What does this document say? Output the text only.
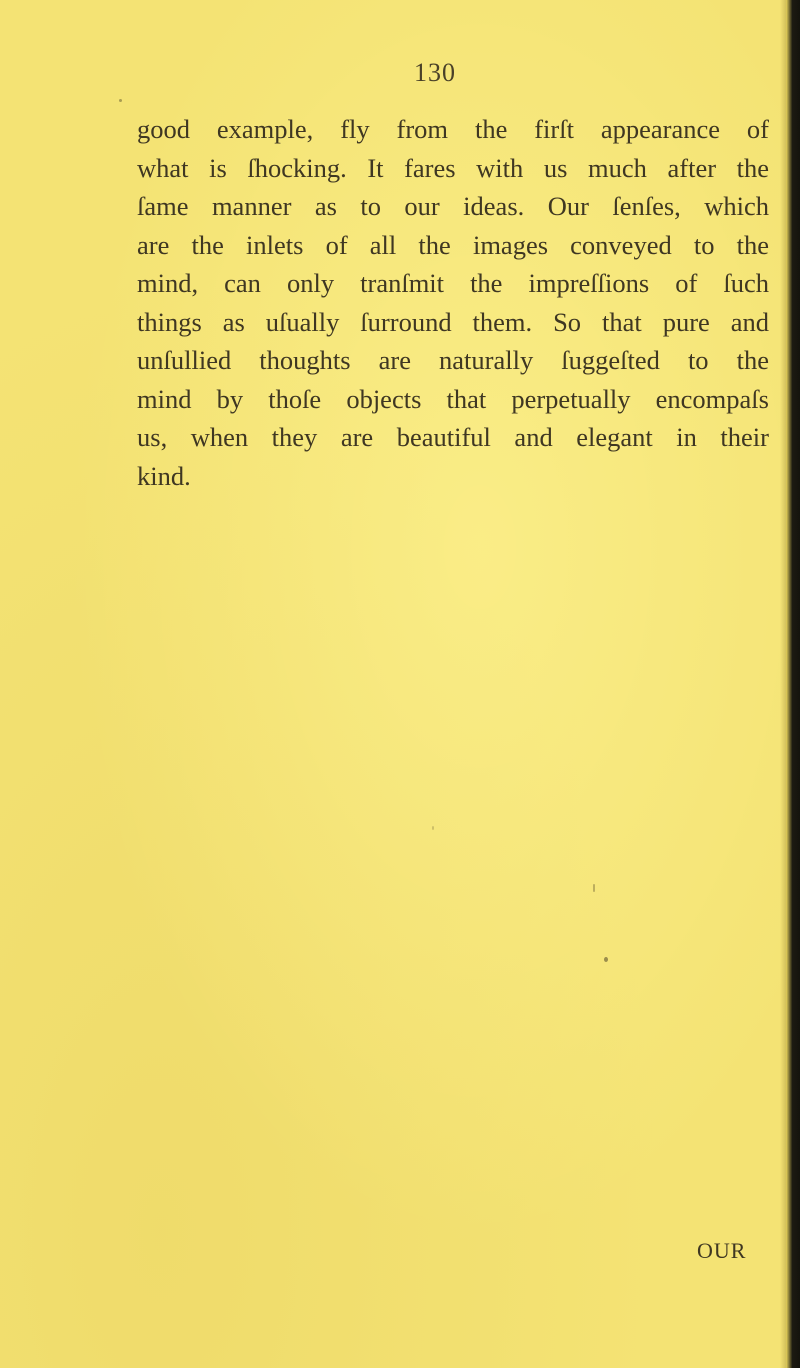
130
good example, fly from the firſt appearance of
what is ſhocking. It fares with us much after the
ſame manner as to our ideas. Our ſenſes, which
are the inlets of all the images conveyed to the
mind, can only tranſmit the impreſſions of ſuch
things as uſually ſurround them. So that pure and
unſullied thoughts are naturally ſuggeſted to the
mind by thoſe objects that perpetually encompaſs
us, when they are beautiful and elegant in their
kind.
OUR
